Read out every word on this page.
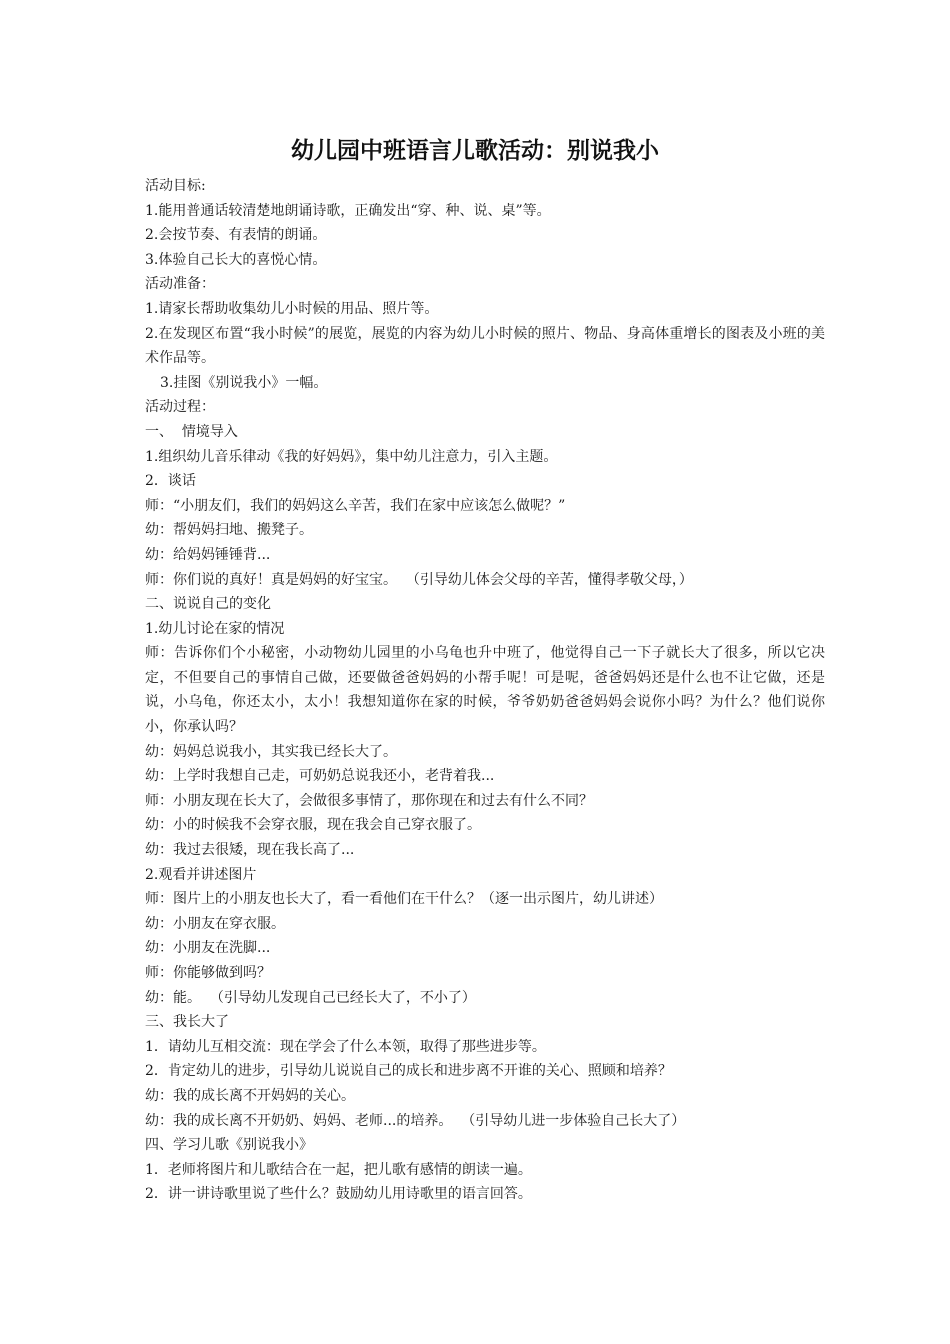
幼儿园中班语言儿歌活动：别说我小

活动目标:

1.能用普通话较清楚地朗诵诗歌，正确发出“穿、种、说、桌”等。

2.会按节奏、有表情的朗诵。

3.体验自己长大的喜悦心情。

活动准备：

1.请家长帮助收集幼儿小时候的用品、照片等。

2.在发现区布置“我小时候”的展览，展览的内容为幼儿小时候的照片、物品、身高体重增长的图表及小班的美术作品等。

3.挂图《别说我小》一幅。

活动过程：

一、  情境导入

1.组织幼儿音乐律动《我的好妈妈》，集中幼儿注意力，引入主题。

2．谈话

师：“小朋友们，我们的妈妈这么辛苦，我们在家中应该怎么做呢？”

幼：帮妈妈扫地、搬凳子。

幼：给妈妈锤锤背...

师：你们说的真好！真是妈妈的好宝宝。  （引导幼儿体会父母的辛苦，懂得孝敬父母，）

二、说说自己的变化

1.幼儿讨论在家的情况

师：告诉你们个小秘密，小动物幼儿园里的小乌龟也升中班了，他觉得自己一下子就长大了很多，所以它决定，不但要自己的事情自己做，还要做爸爸妈妈的小帮手呢！可是呢，爸爸妈妈还是什么也不让它做，还是说，小乌龟，你还太小，太小！我想知道你在家的时候，爷爷奶奶爸爸妈妈会说你小吗？为什么？他们说你小，你承认吗？

幼：妈妈总说我小，其实我已经长大了。

幼：上学时我想自己走，可奶奶总说我还小，老背着我...

师：小朋友现在长大了，会做很多事情了，那你现在和过去有什么不同？

幼：小的时候我不会穿衣服，现在我会自己穿衣服了。

幼：我过去很矮，现在我长高了...

2.观看并讲述图片

师：图片上的小朋友也长大了，看一看他们在干什么？（逐一出示图片，幼儿讲述）

幼：小朋友在穿衣服。

幼：小朋友在洗脚...

师：你能够做到吗？

幼：能。  （引导幼儿发现自己已经长大了，不小了）

三、我长大了

1．请幼儿互相交流：现在学会了什么本领，取得了那些进步等。

2．肯定幼儿的进步，引导幼儿说说自己的成长和进步离不开谁的关心、照顾和培养？

幼：我的成长离不开妈妈的关心。

幼：我的成长离不开奶奶、妈妈、老师...的培养。  （引导幼儿进一步体验自己长大了）

四、学习儿歌《别说我小》

1．老师将图片和儿歌结合在一起，把儿歌有感情的朗读一遍。

2．讲一讲诗歌里说了些什么？鼓励幼儿用诗歌里的语言回答。
